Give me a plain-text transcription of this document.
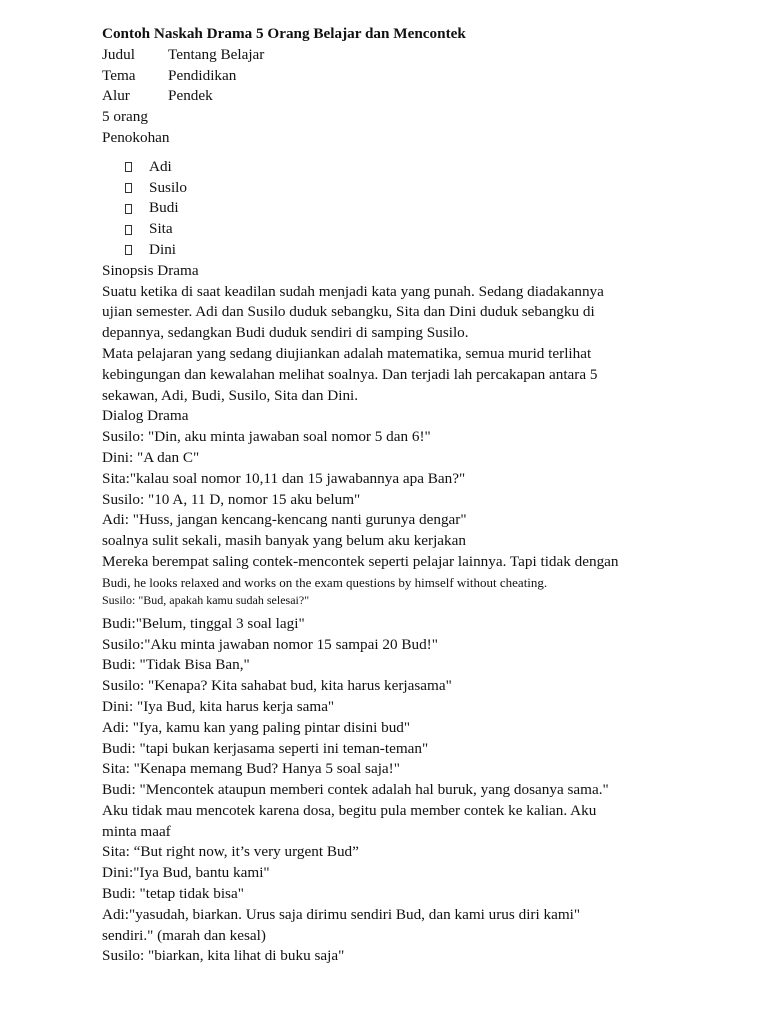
Contoh Naskah Drama 5 Orang Belajar dan Mencontek
Judul	Tentang Belajar
Tema	Pendidikan
Alur	Pendek
5 orang
Penokohan
Adi
Susilo
Budi
Sita
Dini
Sinopsis Drama
Suatu ketika di saat keadilan sudah menjadi kata yang punah. Sedang diadakannya
ujian semester. Adi dan Susilo duduk sebangku, Sita dan Dini duduk sebangku di
depannya, sedangkan Budi duduk sendiri di samping Susilo.
Mata pelajaran yang sedang diujiankan adalah matematika, semua murid terlihat
kebingungan dan kewalahan melihat soalnya. Dan terjadi lah percakapan antara 5
sekawan, Adi, Budi, Susilo, Sita dan Dini.
Dialog Drama
Susilo: "Din, aku minta jawaban soal nomor 5 dan 6!"
Dini: "A dan C"
Sita:"kalau soal nomor 10,11 dan 15 jawabannya apa Ban?"
Susilo: "10 A, 11 D, nomor 15 aku belum"
Adi: "Huss, jangan kencang-kencang nanti gurunya dengar"
soalnya sulit sekali, masih banyak yang belum aku kerjakan
Mereka berempat saling contek-mencontek seperti pelajar lainnya. Tapi tidak dengan
Budi, he looks relaxed and works on the exam questions by himself without cheating.
Susilo: "Bud, apakah kamu sudah selesai?"
Budi:"Belum, tinggal 3 soal lagi"
Susilo:"Aku minta jawaban nomor 15 sampai 20 Bud!"
Budi: "Tidak Bisa Ban,"
Susilo: "Kenapa? Kita sahabat bud, kita harus kerjasama"
Dini: "Iya Bud, kita harus kerja sama"
Adi: "Iya, kamu kan yang paling pintar disini bud"
Budi: "tapi bukan kerjasama seperti ini teman-teman"
Sita: "Kenapa memang Bud? Hanya 5 soal saja!"
Budi: "Mencontek ataupun memberi contek adalah hal buruk, yang dosanya sama."
Aku tidak mau mencotek karena dosa, begitu pula member contek ke kalian. Aku
minta maaf
Sita: “But right now, it’s very urgent Bud”
Dini:"Iya Bud, bantu kami"
Budi: "tetap tidak bisa"
Adi:"yasudah, biarkan. Urus saja dirimu sendiri Bud, dan kami urus diri kami"
sendiri." (marah dan kesal)
Susilo: "biarkan, kita lihat di buku saja"
